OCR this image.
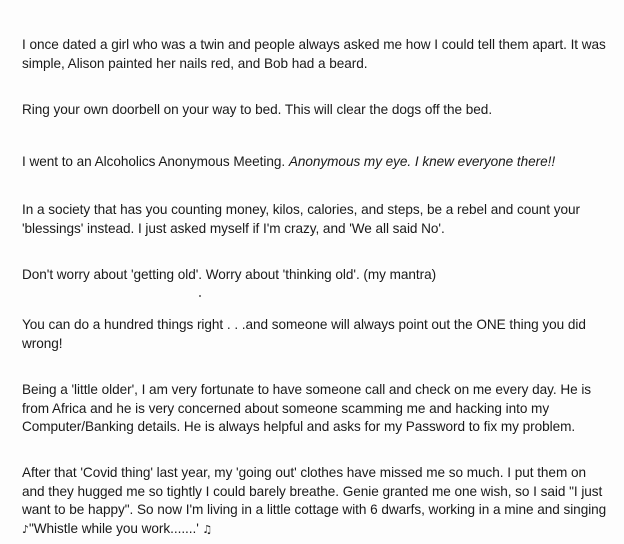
I once dated a girl who was a twin and people always asked me how I could tell them apart. It was simple, Alison painted her nails red, and Bob had a beard.

Ring your own doorbell on your way to bed. This will clear the dogs off the bed.

I went to an Alcoholics Anonymous Meeting. Anonymous my eye. I knew everyone there!!

In a society that has you counting money, kilos, calories, and steps, be a rebel and count your 'blessings' instead. I just asked myself if I'm crazy, and 'We all said No'.

Don't worry about 'getting old'. Worry about 'thinking old'. (my mantra)

You can do a hundred things right . . .and someone will always point out the ONE thing you did wrong!

Being a 'little older', I am very fortunate to have someone call and check on me every day. He is from Africa and he is very concerned about someone scamming me and hacking into my Computer/Banking details. He is always helpful and asks for my Password to fix my problem.

After that 'Covid thing' last year, my 'going out' clothes have missed me so much. I put them on and they hugged me so tightly I could barely breathe. Genie granted me one wish, so I said "I just want to be happy". So now I'm living in a little cottage with 6 dwarfs, working in a mine and singing ♪"Whistle while you work.......' ♫
